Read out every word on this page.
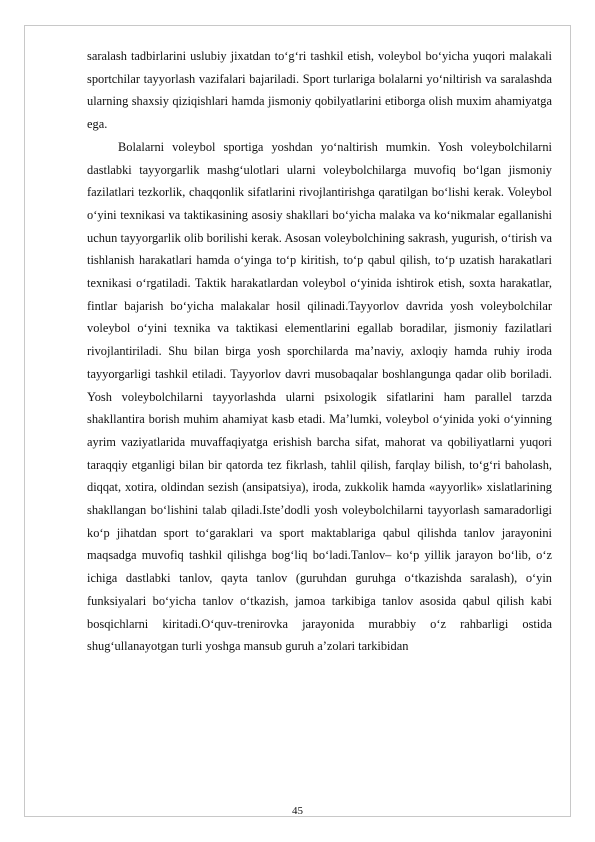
saralash tadbirlarini uslubiy jixatdan to‘g‘ri tashkil etish, voleybol bo‘yicha yuqori malakali sportchilar tayyorlash vazifalari bajariladi. Sport turlariga bolalarni yo‘niltirish va saralashda ularning shaxsiy qiziqishlari hamda jismoniy qobilyatlarini etiborga olish muxim ahamiyatga ega.

Bolalarni voleybol sportiga yoshdan yo‘naltirish mumkin. Yosh voleybolchilarni dastlabki tayyorgarlik mashg‘ulotlari ularni voleybolchilarga muvofiq bo‘lgan jismoniy fazilatlari tezkorlik, chaqqonlik sifatlarini rivojlantirishga qaratilgan bo‘lishi kerak. Voleybol o‘yini texnikasi va taktikasining asosiy shakllari bo‘yicha malaka va ko‘nikmalar egallanishi uchun tayyorgarlik olib borilishi kerak. Asosan voleybolchining sakrash, yugurish, o‘tirish va tishlanish harakatlari hamda o‘yinga to‘p kiritish, to‘p qabul qilish, to‘p uzatish harakatlari texnikasi o‘rgatiladi. Taktik harakatlardan voleybol o‘yinida ishtirok etish, soxta harakatlar, fintlar bajarish bo‘yicha malakalar hosil qilinadi.Tayyorlov davrida yosh voleybolchilar voleybol o‘yini texnika va taktikasi elementlarini egallab boradilar, jismoniy fazilatlari rivojlantiriladi. Shu bilan birga yosh sporchilarda ma’naviy, axloqiy hamda ruhiy iroda tayyorgarligi tashkil etiladi. Tayyorlov davri musobaqalar boshlangunga qadar olib boriladi. Yosh voleybolchilarni tayyorlashda ularni psixologik sifatlarini ham parallel tarzda shakllantira borish muhim ahamiyat kasb etadi. Ma’lumki, voleybol o‘yinida yoki o‘yinning ayrim vaziyatlarida muvaffaqiyatga erishish barcha sifat, mahorat va qobiliyatlarni yuqori taraqqiy etganligi bilan bir qatorda tez fikrlash, tahlil qilish, farqlay bilish, to‘g‘ri baholash, diqqat, xotira, oldindan sezish (ansipatsiya), iroda, zukkolik hamda «ayyorlik» xislatlarining shakllangan bo‘lishini talab qiladi.Iste’dodli yosh voleybolchilarni tayyorlash samaradorligi ko‘p jihatdan sport to‘garaklari va sport maktablariga qabul qilishda tanlov jarayonini maqsadga muvofiq tashkil qilishga bog‘liq bo‘ladi.Tanlov– ko‘p yillik jarayon bo‘lib, o‘z ichiga dastlabki tanlov, qayta tanlov (guruhdan guruhga o‘tkazishda saralash), o‘yin funksiyalari bo‘yicha tanlov o‘tkazish, jamoa tarkibiga tanlov asosida qabul qilish kabi bosqichlarni kiritadi.O‘quv-trenirovka jarayonida murabbiy o‘z rahbarligi ostida shug‘ullanayotgan turli yoshga mansub guruh a’zolari tarkibidan

45
